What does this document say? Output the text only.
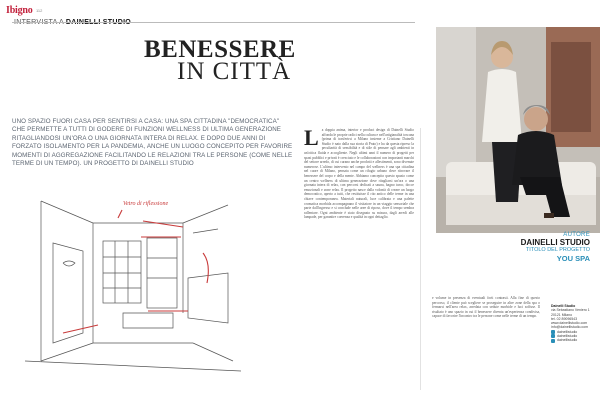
Ibigno 112
BENESSERE
IN CITTÀ
UNO SPAZIO FUORI CASA PER SENTIRSI A CASA: UNA SPA CITTADINA "DEMOCRATICA" CHE PERMETTE A TUTTI DI GODERE DI FUNZIONI WELLNESS DI ULTIMA GENERAZIONE RITAGLIANDOSI UN'ORA O UNA GIORNATA INTERA DI RELAX. E DOPO DUE ANNI DI FORZATO ISOLAMENTO PER LA PANDEMIA, ANCHE UN LUOGO CONCEPITO PER FAVORIRE MOMENTI DI AGGREGAZIONE FACILITANDO LE RELAZIONI TRA LE PERSONE (COME NELLE TERME DI UN TEMPO). UN PROGETTO DI DAINELLI STUDIO
Vetro di riflessione
La doppia anima, interior e product design di Dainelli Studio affonda le proprie radici nella cultura e nell'artigianalità toscana (prima di trasferirsi a Milano insieme a Cristiano Dainelli Studio è nato dalla sua storia di Prato) e ha da questa ripreso la peculiarità di sensibilità e di stile di pensare agli ambienti in un'ottica fluida e accogliente. Negli ultimi anni il numero di progetti per spazi pubblici e privati è cresciuto e le collaborazioni con importanti marchi del settore arredo, di cui curano anche prodotti e allestimenti, sono divenute numerose. L'ultimo intervento nel campo del wellness è una spa cittadina nel cuore di Milano, pensata come un rifugio urbano dove ritrovare il benessere del corpo e della mente. Abbiamo concepito questo spazio come un centro wellness di ultima generazione dove ritagliarsi un'ora o una giornata intera di relax, con percorsi dedicati a sauna, bagno turco, docce emozionali e zone relax. Il progetto nasce dalla volontà di creare un luogo democratico, aperto a tutti, che restituisse il rito antico delle terme in una chiave contemporanea. Materiali naturali, luce calibrata e una palette cromatica morbida accompagnano il visitatore in un viaggio sensoriale che parte dall'ingresso e si conclude nelle aree di riposo, dove il tempo sembra rallentare. Ogni ambiente è stato disegnato su misura, dagli arredi alle lampade, per garantire coerenza e qualità in ogni dettaglio.
e volume in presenza di eventuali forti contrasti. Alla fine di questo percorso, il cliente può scegliere se proseguire in altre zone della spa o fermarsi nell'area relax, arredata con sedute morbide e luci soffuse. Il risultato è uno spazio in cui il benessere diventa un'esperienza condivisa, capace di favorire l'incontro tra le persone come nelle terme di un tempo.
AUTORE
DAINELLI STUDIO
TITOLO DEL PROGETTO
YOU SPA
Dainelli Studio
via Sebastiano Veniero 1
20121 Milano
tel. 02 89096543
www.dainellistudio.com
info@dainellistudio.com
dainellistudio
dainellistudio
dainellistudio
